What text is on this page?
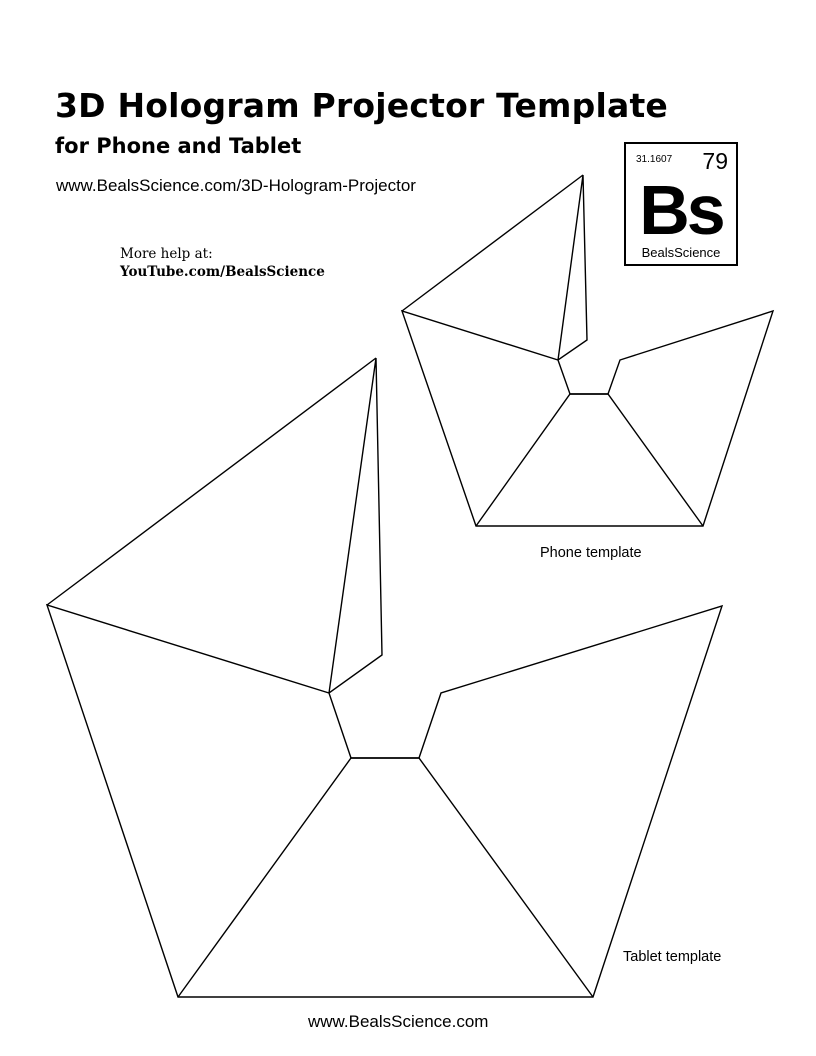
3D Hologram Projector Template
for Phone and Tablet
www.BealsScience.com/3D-Hologram-Projector
More help at:
YouTube.com/BealsScience
31.1607 79
Bs
BealsScience
Phone template
Tablet template
www.BealsScience.com
